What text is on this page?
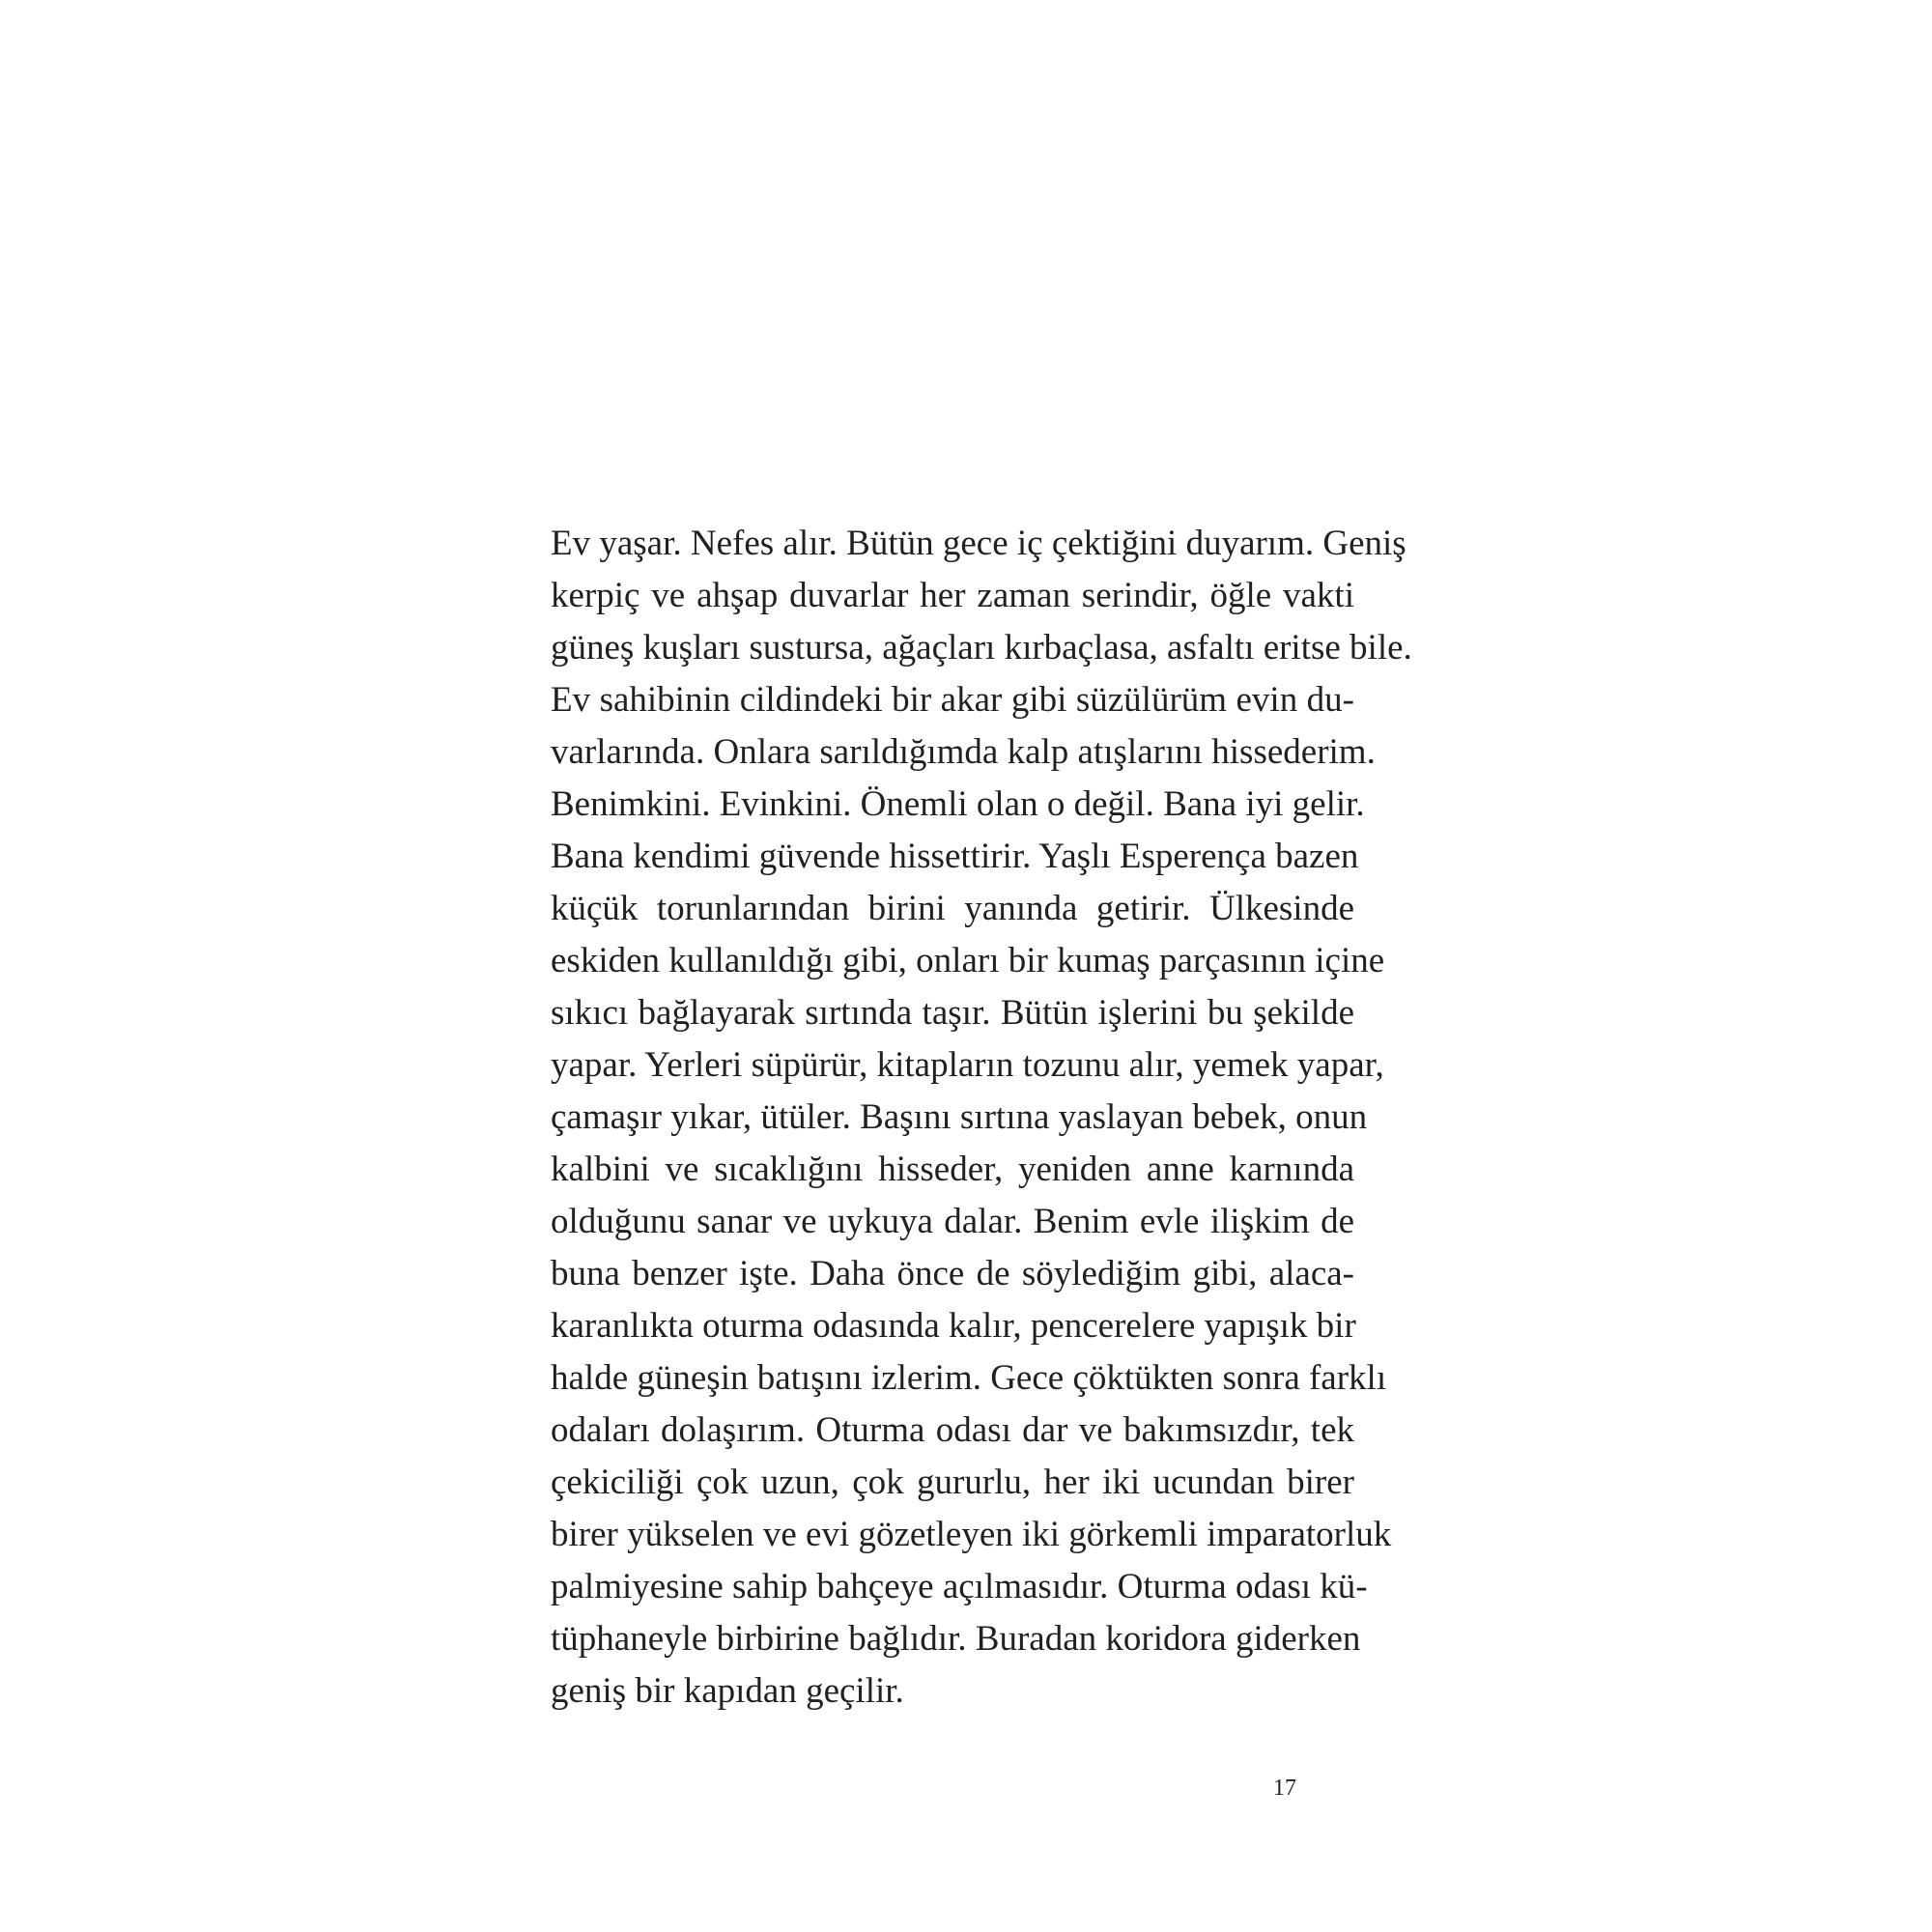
Ev yaşar. Nefes alır. Bütün gece iç çektiğini duyarım. Geniş
kerpiç ve ahşap duvarlar her zaman serindir, öğle vakti
güneş kuşları sustursa, ağaçları kırbaçlasa, asfaltı eritse bile.
Ev sahibinin cildindeki bir akar gibi süzülürüm evin du-
varlarında. Onlara sarıldığımda kalp atışlarını hissederim.
Benimkini. Evinkini. Önemli olan o değil. Bana iyi gelir.
Bana kendimi güvende hissettirir. Yaşlı Esperença bazen
küçük torunlarından birini yanında getirir. Ülkesinde
eskiden kullanıldığı gibi, onları bir kumaş parçasının içine
sıkıcı bağlayarak sırtında taşır. Bütün işlerini bu şekilde
yapar. Yerleri süpürür, kitapların tozunu alır, yemek yapar,
çamaşır yıkar, ütüler. Başını sırtına yaslayan bebek, onun
kalbini ve sıcaklığını hisseder, yeniden anne karnında
olduğunu sanar ve uykuya dalar. Benim evle ilişkim de
buna benzer işte. Daha önce de söylediğim gibi, alaca-
karanlıkta oturma odasında kalır, pencerelere yapışık bir
halde güneşin batışını izlerim. Gece çöktükten sonra farklı
odaları dolaşırım. Oturma odası dar ve bakımsızdır, tek
çekiciliği çok uzun, çok gururlu, her iki ucundan birer
birer yükselen ve evi gözetleyen iki görkemli imparatorluk
palmiyesine sahip bahçeye açılmasıdır. Oturma odası kü-
tüphaneyle birbirine bağlıdır. Buradan koridora giderken
geniş bir kapıdan geçilir.
17
